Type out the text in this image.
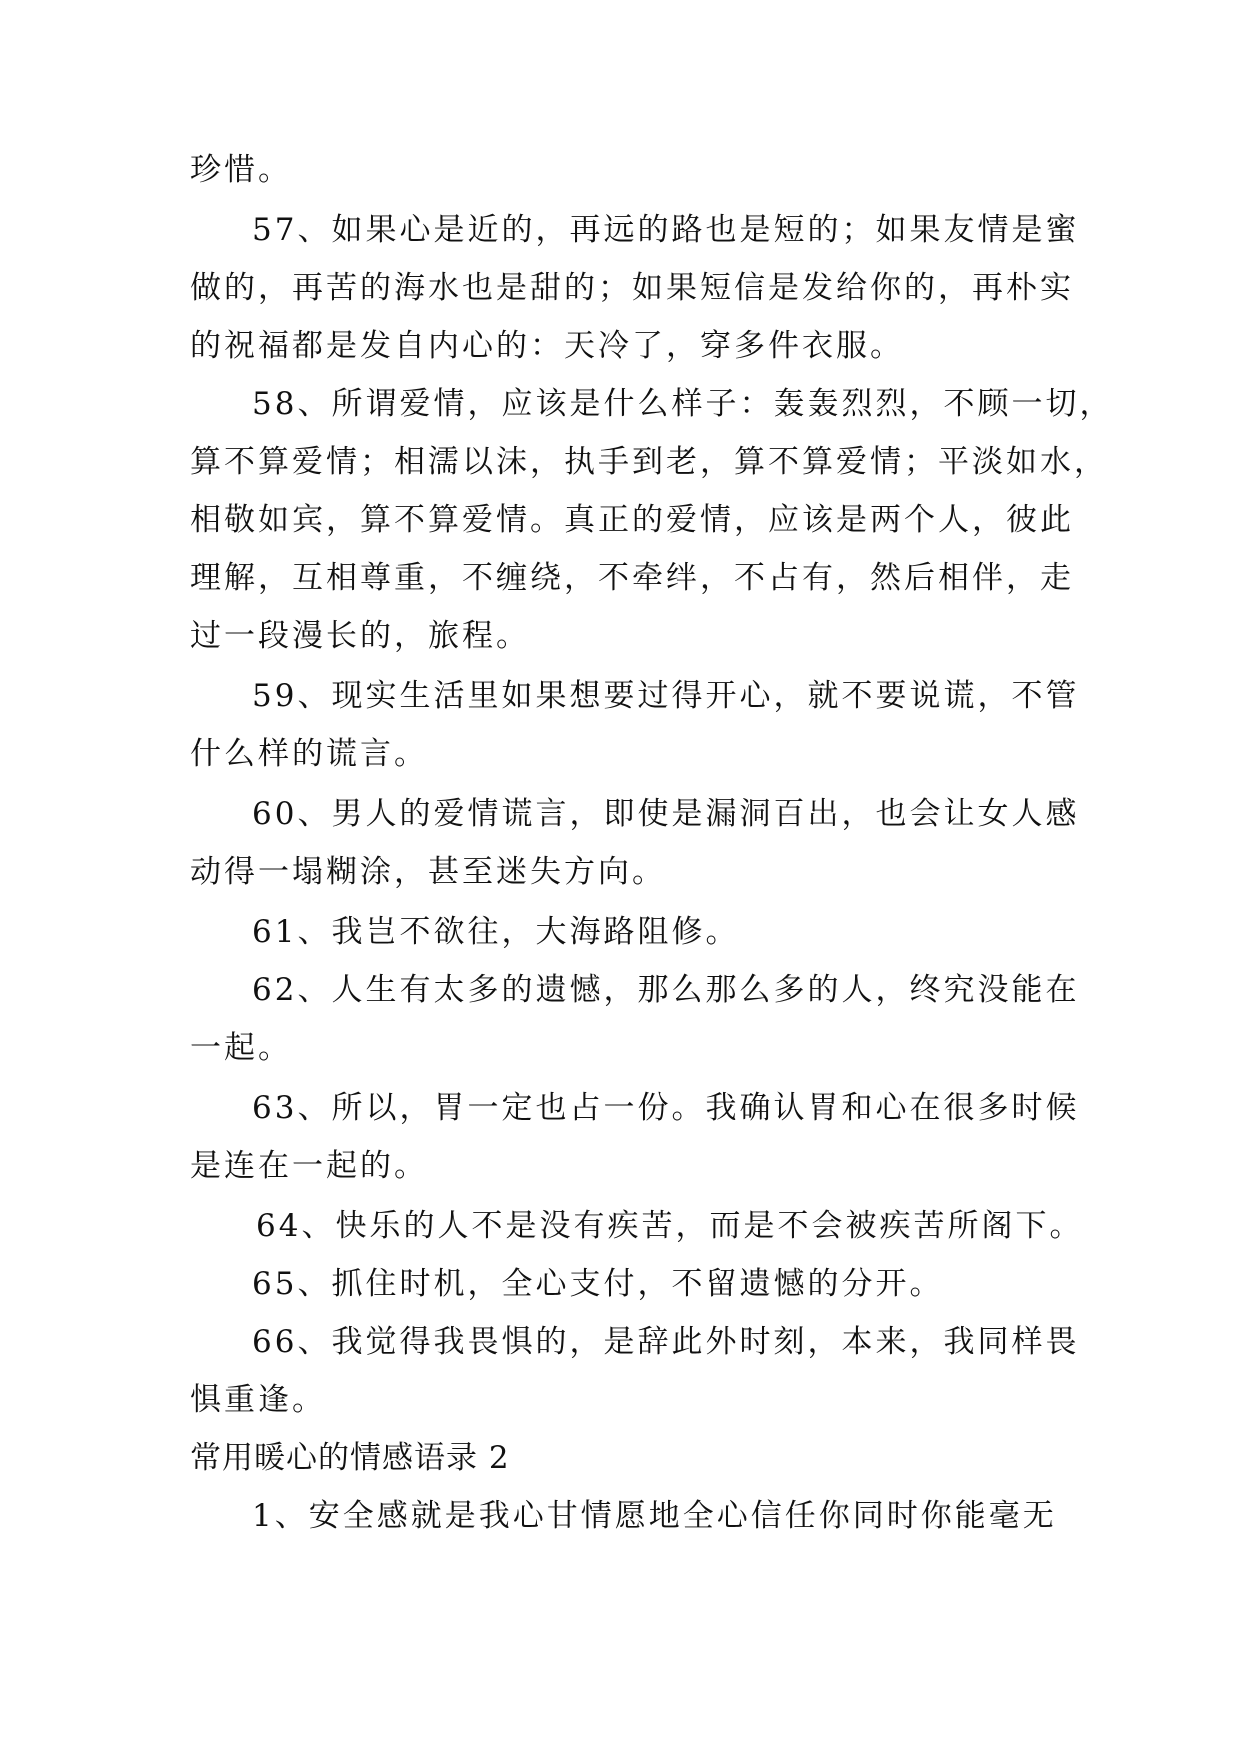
珍惜。

57、如果心是近的，再远的路也是短的；如果友情是蜜

做的，再苦的海水也是甜的；如果短信是发给你的，再朴实

的祝福都是发自内心的：天冷了，穿多件衣服。

58、所谓爱情，应该是什么样子：轰轰烈烈，不顾一切，

算不算爱情；相濡以沫，执手到老，算不算爱情；平淡如水，

相敬如宾，算不算爱情。真正的爱情，应该是两个人，彼此

理解，互相尊重，不缠绕，不牵绊，不占有，然后相伴，走

过一段漫长的，旅程。

59、现实生活里如果想要过得开心，就不要说谎，不管

什么样的谎言。

60、男人的爱情谎言，即使是漏洞百出，也会让女人感

动得一塌糊涂，甚至迷失方向。

61、我岂不欲往，大海路阻修。

62、人生有太多的遗憾，那么那么多的人，终究没能在

一起。

63、所以，胃一定也占一份。我确认胃和心在很多时候

是连在一起的。

64、快乐的人不是没有疾苦，而是不会被疾苦所阁下。

65、抓住时机，全心支付，不留遗憾的分开。

66、我觉得我畏惧的，是辞此外时刻，本来，我同样畏

惧重逢。

常用暖心的情感语录 2

1、安全感就是我心甘情愿地全心信任你同时你能毫无
